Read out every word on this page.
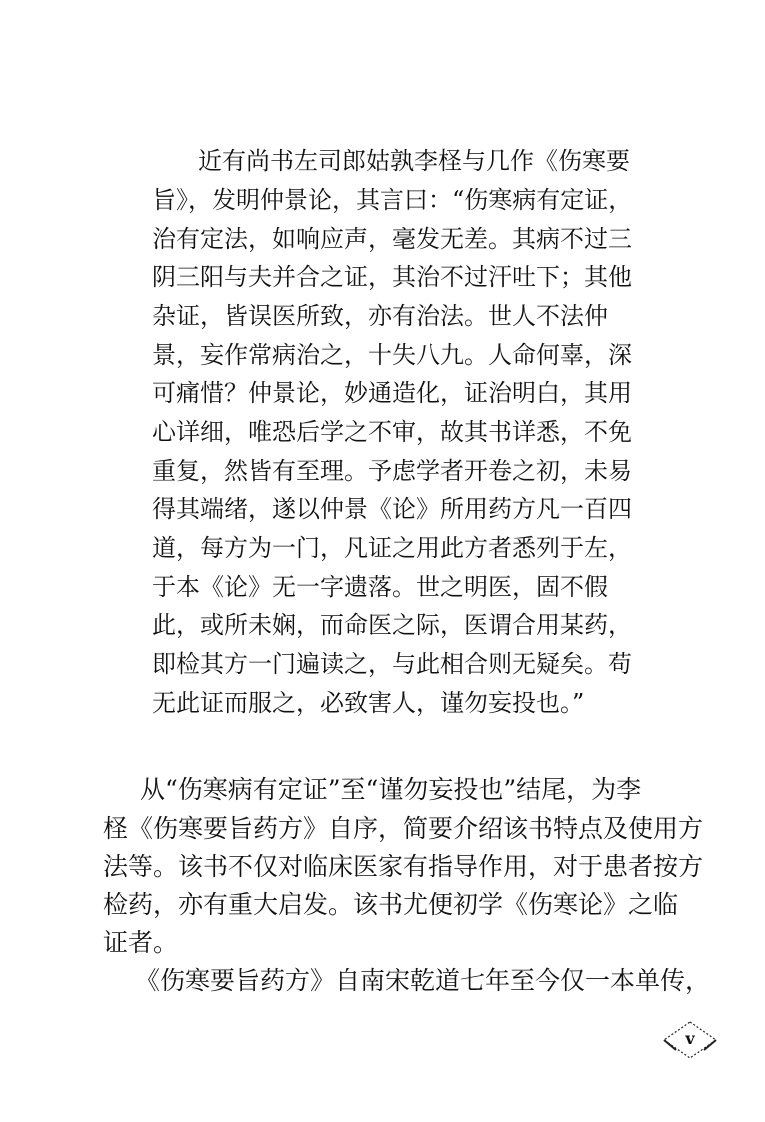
近有尚书左司郎姑孰李柽与几作《伤寒要
旨》，发明仲景论，其言曰：“伤寒病有定证，
治有定法，如响应声，毫发无差。其病不过三
阴三阳与夫并合之证，其治不过汗吐下；其他
杂证，皆误医所致，亦有治法。世人不法仲
景，妄作常病治之，十失八九。人命何辜，深
可痛惜？仲景论，妙通造化，证治明白，其用
心详细，唯恐后学之不审，故其书详悉，不免
重复，然皆有至理。予虑学者开卷之初，未易
得其端绪，遂以仲景《论》所用药方凡一百四
道，每方为一门，凡证之用此方者悉列于左，
于本《论》无一字遗落。世之明医，固不假
此，或所未娴，而命医之际，医谓合用某药，
即检其方一门遍读之，与此相合则无疑矣。苟
无此证而服之，必致害人，谨勿妄投也。”
从“伤寒病有定证”至“谨勿妄投也”结尾，为李
柽《伤寒要旨药方》自序，简要介绍该书特点及使用方
法等。该书不仅对临床医家有指导作用，对于患者按方
检药，亦有重大启发。该书尤便初学《伤寒论》之临
证者。
《伤寒要旨药方》自南宋乾道七年至今仅一本单传，
v
